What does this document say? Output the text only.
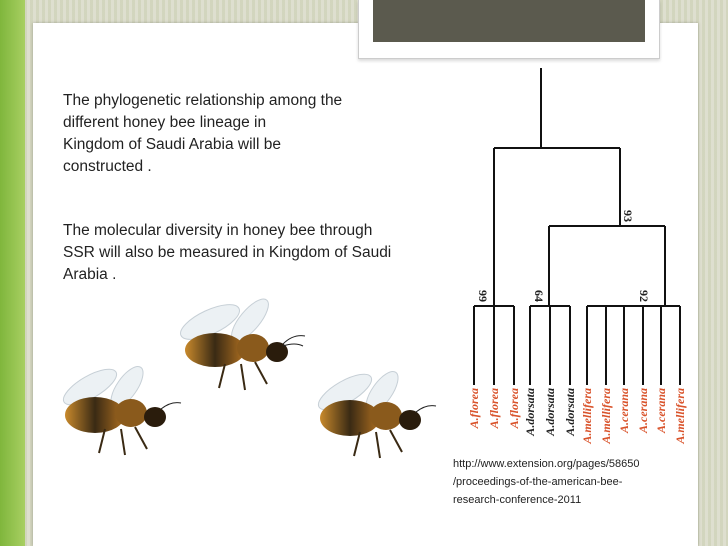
The phylogenetic relationship among the
different honey bee lineage in
Kingdom of Saudi Arabia will be
constructed .

The molecular diversity in honey bee through
SSR will also be measured in Kingdom of Saudi
Arabia .

93
99	64	92
A.florea A.florea A.florea A.dorsata A.dorsata A.dorsata A.mellifera A.mellifera A.cerana A.cerana A.cerana A.mellifera
http://www.extension.org/pages/58650
/proceedings-of-the-american-bee-
research-conference-2011
